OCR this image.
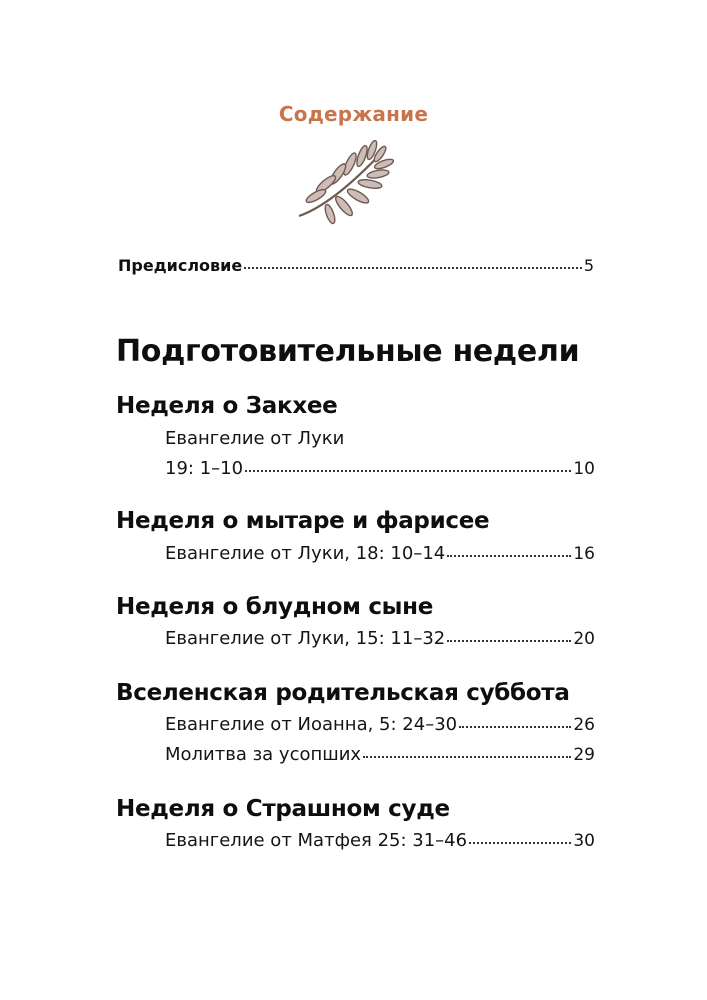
Содержание
Предисловие	5
Подготовительные недели
Неделя о Закхее
Евангелие от Луки
19: 1–10	10
Неделя о мытаре и фарисее
Евангелие от Луки, 18: 10–14	16
Неделя о блудном сыне
Евангелие от Луки, 15: 11–32	20
Вселенская родительская суббота
Евангелие от Иоанна, 5: 24–30	26
Молитва за усопших	29
Неделя о Страшном суде
Евангелие от Матфея 25: 31–46	30
